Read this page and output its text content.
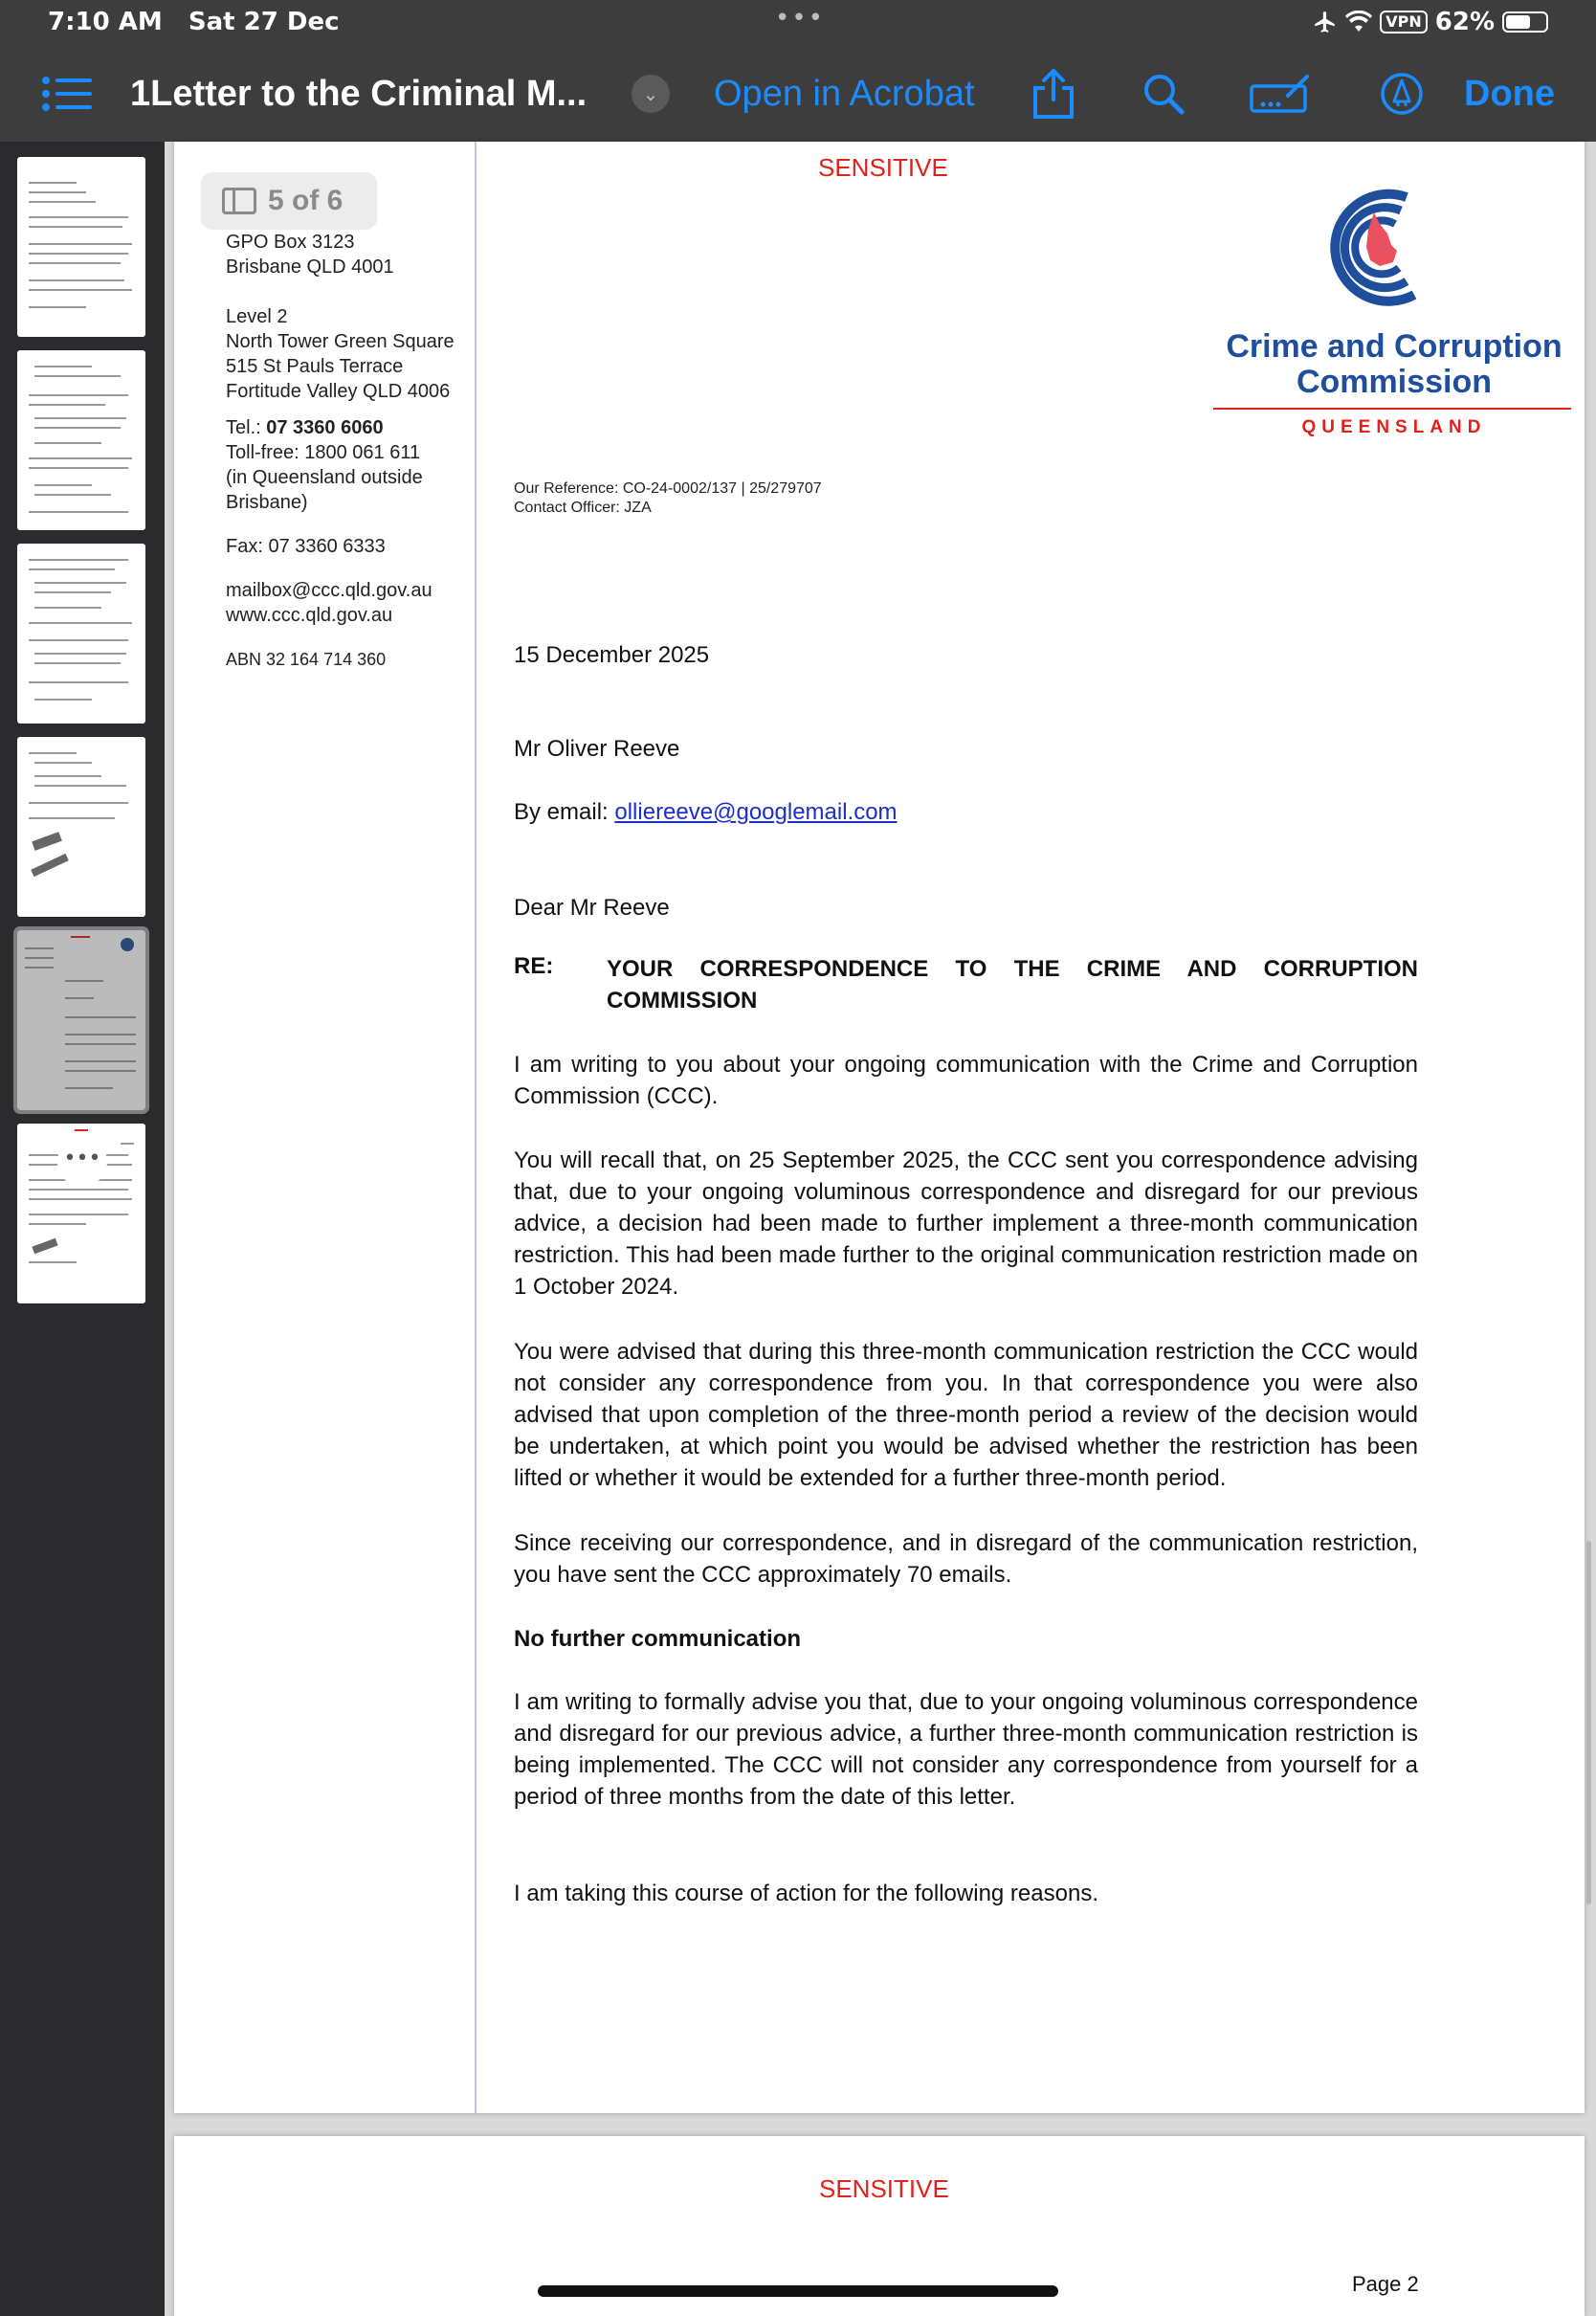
7:10 AM Sat 27 Dec	•••	VPN 62%
1Letter to the Criminal M...	⌄	Open in Acrobat	Done
•••
SENSITIVE
GPO Box 3123
Brisbane QLD 4001
Level 2
North Tower Green Square
515 St Pauls Terrace
Fortitude Valley QLD 4006
Tel.: 07 3360 6060
Toll-free: 1800 061 611
(in Queensland outside
Brisbane)
Fax: 07 3360 6333
mailbox@ccc.qld.gov.au
www.ccc.qld.gov.au
ABN 32 164 714 360
Crime and Corruption
Commission
QUEENSLAND
Our Reference: CO-24-0002/137 | 25/279707
Contact Officer: JZA
15 December 2025
Mr Oliver Reeve
By email: olliereeve@googlemail.com
Dear Mr Reeve
RE: YOUR CORRESPONDENCE TO THE CRIME AND CORRUPTION COMMISSION
I am writing to you about your ongoing communication with the Crime and Corruption Commission (CCC).
You will recall that, on 25 September 2025, the CCC sent you correspondence advising that, due to your ongoing voluminous correspondence and disregard for our previous advice, a decision had been made to further implement a three-month communication restriction. This had been made further to the original communication restriction made on 1 October 2024.
You were advised that during this three-month communication restriction the CCC would not consider any correspondence from you. In that correspondence you were also advised that upon completion of the three-month period a review of the decision would be undertaken, at which point you would be advised whether the restriction has been lifted or whether it would be extended for a further three-month period.
Since receiving our correspondence, and in disregard of the communication restriction, you have sent the CCC approximately 70 emails.
No further communication
I am writing to formally advise you that, due to your ongoing voluminous correspondence and disregard for our previous advice, a further three-month communication restriction is being implemented. The CCC will not consider any correspondence from yourself for a period of three months from the date of this letter.
I am taking this course of action for the following reasons.
5 of 6
SENSITIVE
Page 2
